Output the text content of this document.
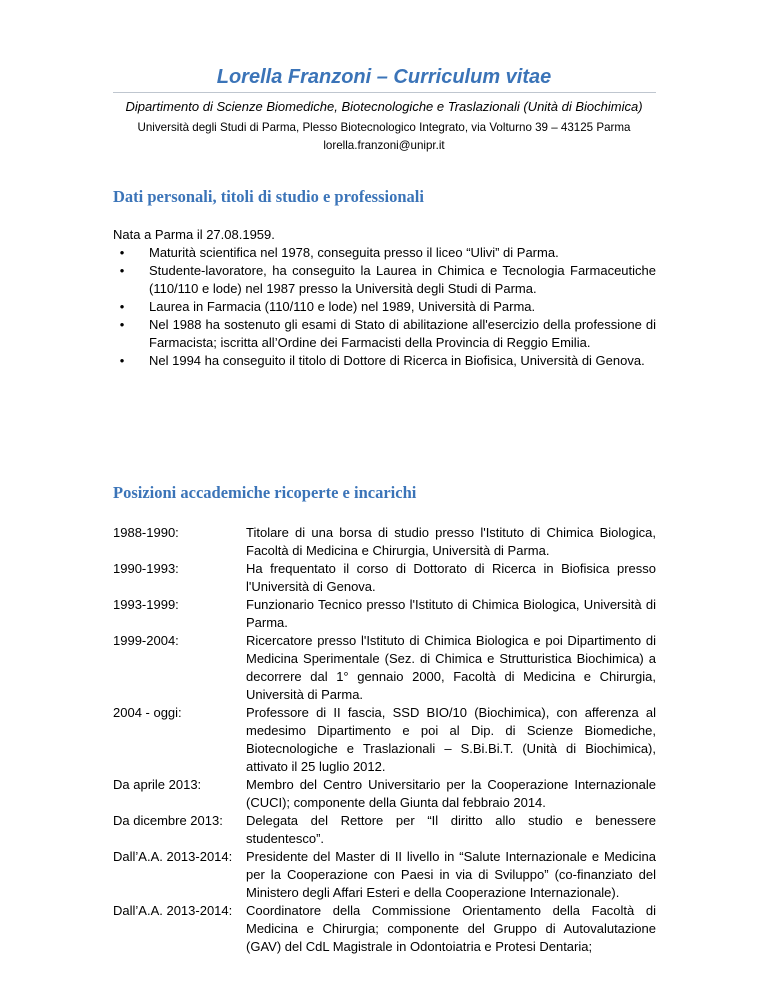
Lorella Franzoni – Curriculum vitae

Dipartimento di Scienze Biomediche, Biotecnologiche e Traslazionali (Unità di Biochimica)

Università degli Studi di Parma, Plesso Biotecnologico Integrato, via Volturno 39 – 43125 Parma

lorella.franzoni@unipr.it

Dati personali, titoli di studio e professionali

Nata a Parma il 27.08.1959.

• Maturità scientifica nel 1978, conseguita presso il liceo “Ulivi” di Parma.
• Studente-lavoratore, ha conseguito la Laurea in Chimica e Tecnologia Farmaceutiche (110/110 e lode) nel 1987 presso la Università degli Studi di Parma.
• Laurea in Farmacia (110/110 e lode) nel 1989, Università di Parma.
• Nel 1988 ha sostenuto gli esami di Stato di abilitazione all'esercizio della professione di Farmacista; iscritta all’Ordine dei Farmacisti della Provincia di Reggio Emilia.
• Nel 1994 ha conseguito il titolo di Dottore di Ricerca in Biofisica, Università di Genova.
Posizioni accademiche ricoperte e incarichi
1988-1990:	Titolare di una borsa di studio presso l'Istituto di Chimica Biologica, Facoltà di Medicina e Chirurgia, Università di Parma.
1990-1993:	Ha frequentato il corso di Dottorato di Ricerca in Biofisica presso l'Università di Genova.
1993-1999:	Funzionario Tecnico presso l'Istituto di Chimica Biologica, Università di Parma.
1999-2004:	Ricercatore presso l'Istituto di Chimica Biologica e poi Dipartimento di Medicina Sperimentale (Sez. di Chimica e Strutturistica Biochimica) a decorrere dal 1° gennaio 2000, Facoltà di Medicina e Chirurgia, Università di Parma.
2004 - oggi:	Professore di II fascia, SSD BIO/10 (Biochimica), con afferenza al medesimo Dipartimento e poi al Dip. di Scienze Biomediche, Biotecnologiche e Traslazionali – S.Bi.Bi.T. (Unità di Biochimica), attivato il 25 luglio 2012.
Da aprile 2013:	Membro del Centro Universitario per la Cooperazione Internazionale (CUCI); componente della Giunta dal febbraio 2014.
Da dicembre 2013:	Delegata del Rettore per “Il diritto allo studio e benessere studentesco”.
Dall’A.A. 2013-2014:	Presidente del Master di II livello in “Salute Internazionale e Medicina per la Cooperazione con Paesi in via di Sviluppo” (co-finanziato del Ministero degli Affari Esteri e della Cooperazione Internazionale).
Dall’A.A. 2013-2014:	Coordinatore della Commissione Orientamento della Facoltà di Medicina e Chirurgia; componente del Gruppo di Autovalutazione (GAV) del CdL Magistrale in Odontoiatria e Protesi Dentaria;
